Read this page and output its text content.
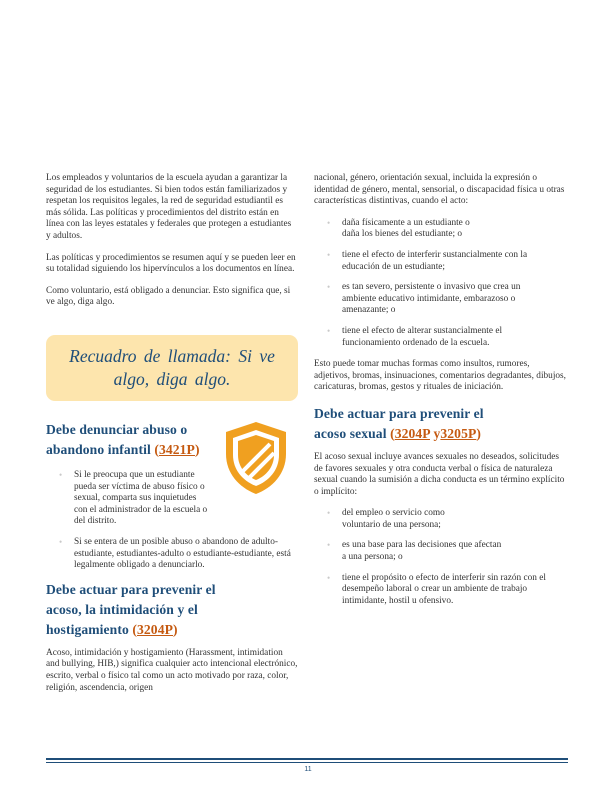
Los empleados y voluntarios de la escuela ayudan a garantizar la seguridad de los estudiantes. Si bien todos están familiarizados y respetan los requisitos legales, la red de seguridad estudiantil es más sólida. Las políticas y procedimientos del distrito están en línea con las leyes estatales y federales que protegen a estudiantes y adultos.

Las políticas y procedimientos se resumen aquí y se pueden leer en su totalidad siguiendo los hipervínculos a los documentos en línea.

Como voluntario, está obligado a denunciar. Esto significa que, si ve algo, diga algo.

Recuadro de llamada: Si ve algo, diga algo.
Debe denunciar abuso o abandono infantil (3421P)
• Si le preocupa que un estudiante pueda ser víctima de abuso físico o sexual, comparta sus inquietudes con el administrador de la escuela o del distrito.
• Si se entera de un posible abuso o abandono de adulto-estudiante, estudiantes-adulto o estudiante-estudiante, está legalmente obligado a denunciarlo.
Debe actuar para prevenir el acoso, la intimidación y el hostigamiento (3204P)

Acoso, intimidación y hostigamiento (Harassment, intimidation and bullying, HIB,) significa cualquier acto intencional electrónico, escrito, verbal o físico tal como un acto motivado por raza, color, religión, ascendencia, origen

nacional, género, orientación sexual, incluida la expresión o identidad de género, mental, sensorial, o discapacidad física u otras características distintivas, cuando el acto:

• daña físicamente a un estudiante o daña los bienes del estudiante; o
• tiene el efecto de interferir sustancialmente con la educación de un estudiante;
• es tan severo, persistente o invasivo que crea un ambiente educativo intimidante, embarazoso o amenazante; o
• tiene el efecto de alterar sustancialmente el funcionamiento ordenado de la escuela.

Esto puede tomar muchas formas como insultos, rumores, adjetivos, bromas, insinuaciones, comentarios degradantes, dibujos, caricaturas, bromas, gestos y rituales de iniciación.

Debe actuar para prevenir el acoso sexual (3204P y3205P)

El acoso sexual incluye avances sexuales no deseados, solicitudes de favores sexuales y otra conducta verbal o física de naturaleza sexual cuando la sumisión a dicha conducta es un término explícito o implícito:

• del empleo o servicio como voluntario de una persona;
• es una base para las decisiones que afectan a una persona; o
• tiene el propósito o efecto de interferir sin razón con el desempeño laboral o crear un ambiente de trabajo intimidante, hostil u ofensivo.
11
